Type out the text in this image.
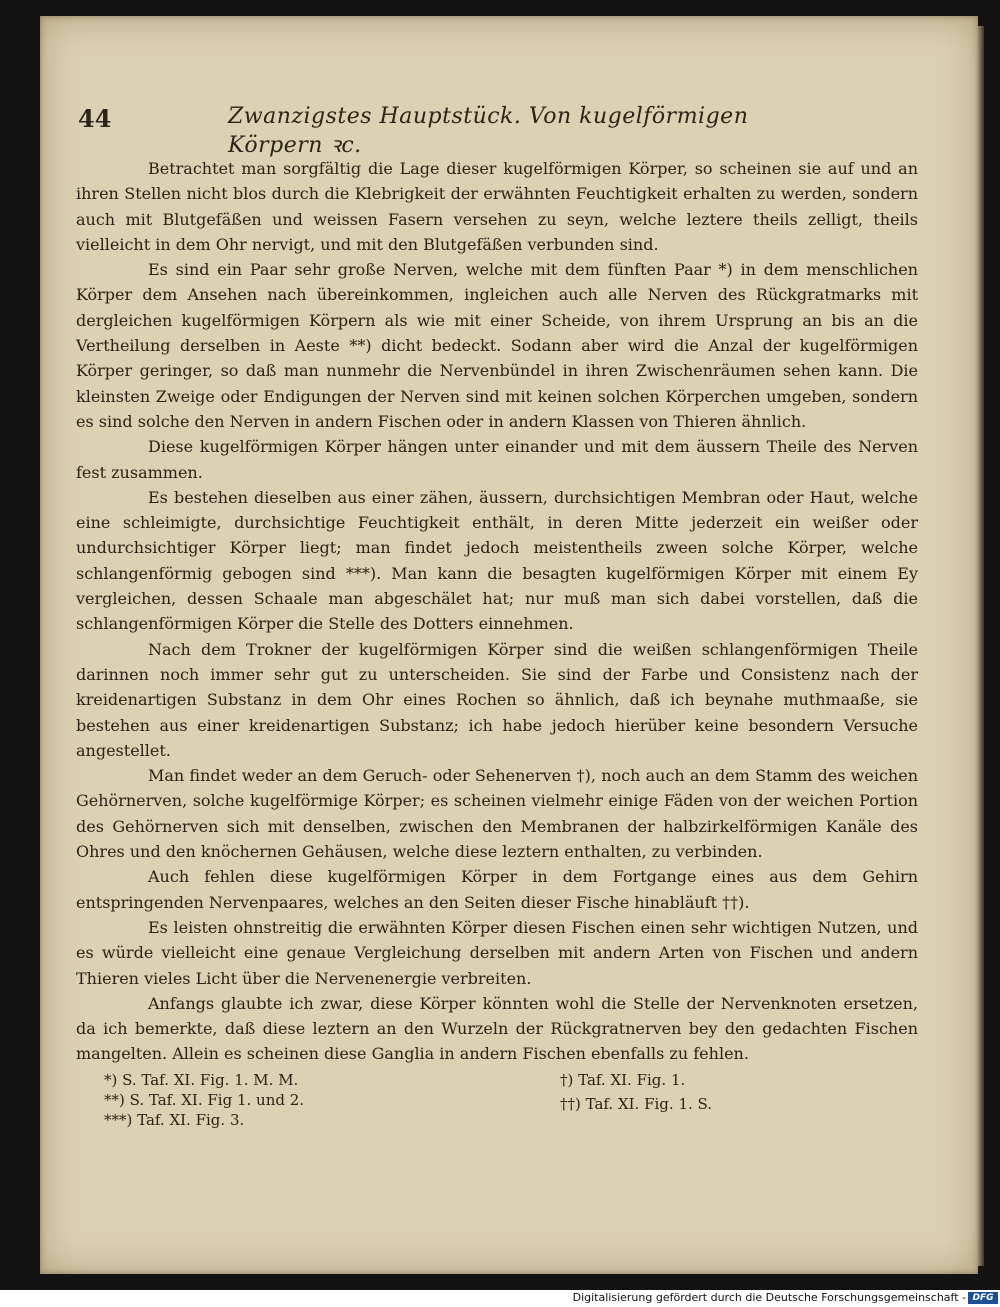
44	Zwanzigstes Hauptstück. Von kugelförmigen Körpern ꝛc.

Betrachtet man sorgfältig die Lage dieser kugelförmigen Körper, so scheinen sie auf und an ihren Stellen nicht blos durch die Klebrigkeit der erwähnten Feuchtigkeit erhalten zu werden, sondern auch mit Blutgefäßen und weissen Fasern versehen zu seyn, welche leztere theils zelligt, theils vielleicht in dem Ohr nervigt, und mit den Blutgefäßen verbunden sind.

Es sind ein Paar sehr große Nerven, welche mit dem fünften Paar *) in dem menschlichen Körper dem Ansehen nach übereinkommen, ingleichen auch alle Nerven des Rückgratmarks mit dergleichen kugelförmigen Körpern als wie mit einer Scheide, von ihrem Ursprung an bis an die Vertheilung derselben in Aeste **) dicht bedeckt. Sodann aber wird die Anzal der kugelförmigen Körper geringer, so daß man nunmehr die Nervenbündel in ihren Zwischenräumen sehen kann. Die kleinsten Zweige oder Endigungen der Nerven sind mit keinen solchen Körperchen umgeben, sondern es sind solche den Nerven in andern Fischen oder in andern Klassen von Thieren ähnlich.

Diese kugelförmigen Körper hängen unter einander und mit dem äussern Theile des Nerven fest zusammen.

Es bestehen dieselben aus einer zähen, äussern, durchsichtigen Membran oder Haut, welche eine schleimigte, durchsichtige Feuchtigkeit enthält, in deren Mitte jederzeit ein weißer oder undurchsichtiger Körper liegt; man findet jedoch meistentheils zween solche Körper, welche schlangenförmig gebogen sind ***). Man kann die besagten kugelförmigen Körper mit einem Ey vergleichen, dessen Schaale man abgeschälet hat; nur muß man sich dabei vorstellen, daß die schlangenförmigen Körper die Stelle des Dotters einnehmen.

Nach dem Trokner der kugelförmigen Körper sind die weißen schlangenförmigen Theile darinnen noch immer sehr gut zu unterscheiden. Sie sind der Farbe und Consistenz nach der kreidenartigen Substanz in dem Ohr eines Rochen so ähnlich, daß ich beynahe muthmaaße, sie bestehen aus einer kreidenartigen Substanz; ich habe jedoch hierüber keine besondern Versuche angestellet.

Man findet weder an dem Geruch- oder Sehenerven †), noch auch an dem Stamm des weichen Gehörnerven, solche kugelförmige Körper; es scheinen vielmehr einige Fäden von der weichen Portion des Gehörnerven sich mit denselben, zwischen den Membranen der halbzirkelförmigen Kanäle des Ohres und den knöchernen Gehäusen, welche diese leztern enthalten, zu verbinden.

Auch fehlen diese kugelförmigen Körper in dem Fortgange eines aus dem Gehirn entspringenden Nervenpaares, welches an den Seiten dieser Fische hinabläuft ††).

Es leisten ohnstreitig die erwähnten Körper diesen Fischen einen sehr wichtigen Nutzen, und es würde vielleicht eine genaue Vergleichung derselben mit andern Arten von Fischen und andern Thieren vieles Licht über die Nervenenergie verbreiten.

Anfangs glaubte ich zwar, diese Körper könnten wohl die Stelle der Nervenknoten ersetzen, da ich bemerkte, daß diese leztern an den Wurzeln der Rückgratnerven bey den gedachten Fischen mangelten. Allein es scheinen diese Ganglia in andern Fischen ebenfalls zu fehlen.

*) S. Taf. XI. Fig. 1. M. M.
**) S. Taf. XI. Fig 1. und 2.
***) Taf. XI. Fig. 3.
†) Taf. XI. Fig. 1.
††) Taf. XI. Fig. 1. S.
Digitalisierung gefördert durch die Deutsche Forschungsgemeinschaft - DFG
